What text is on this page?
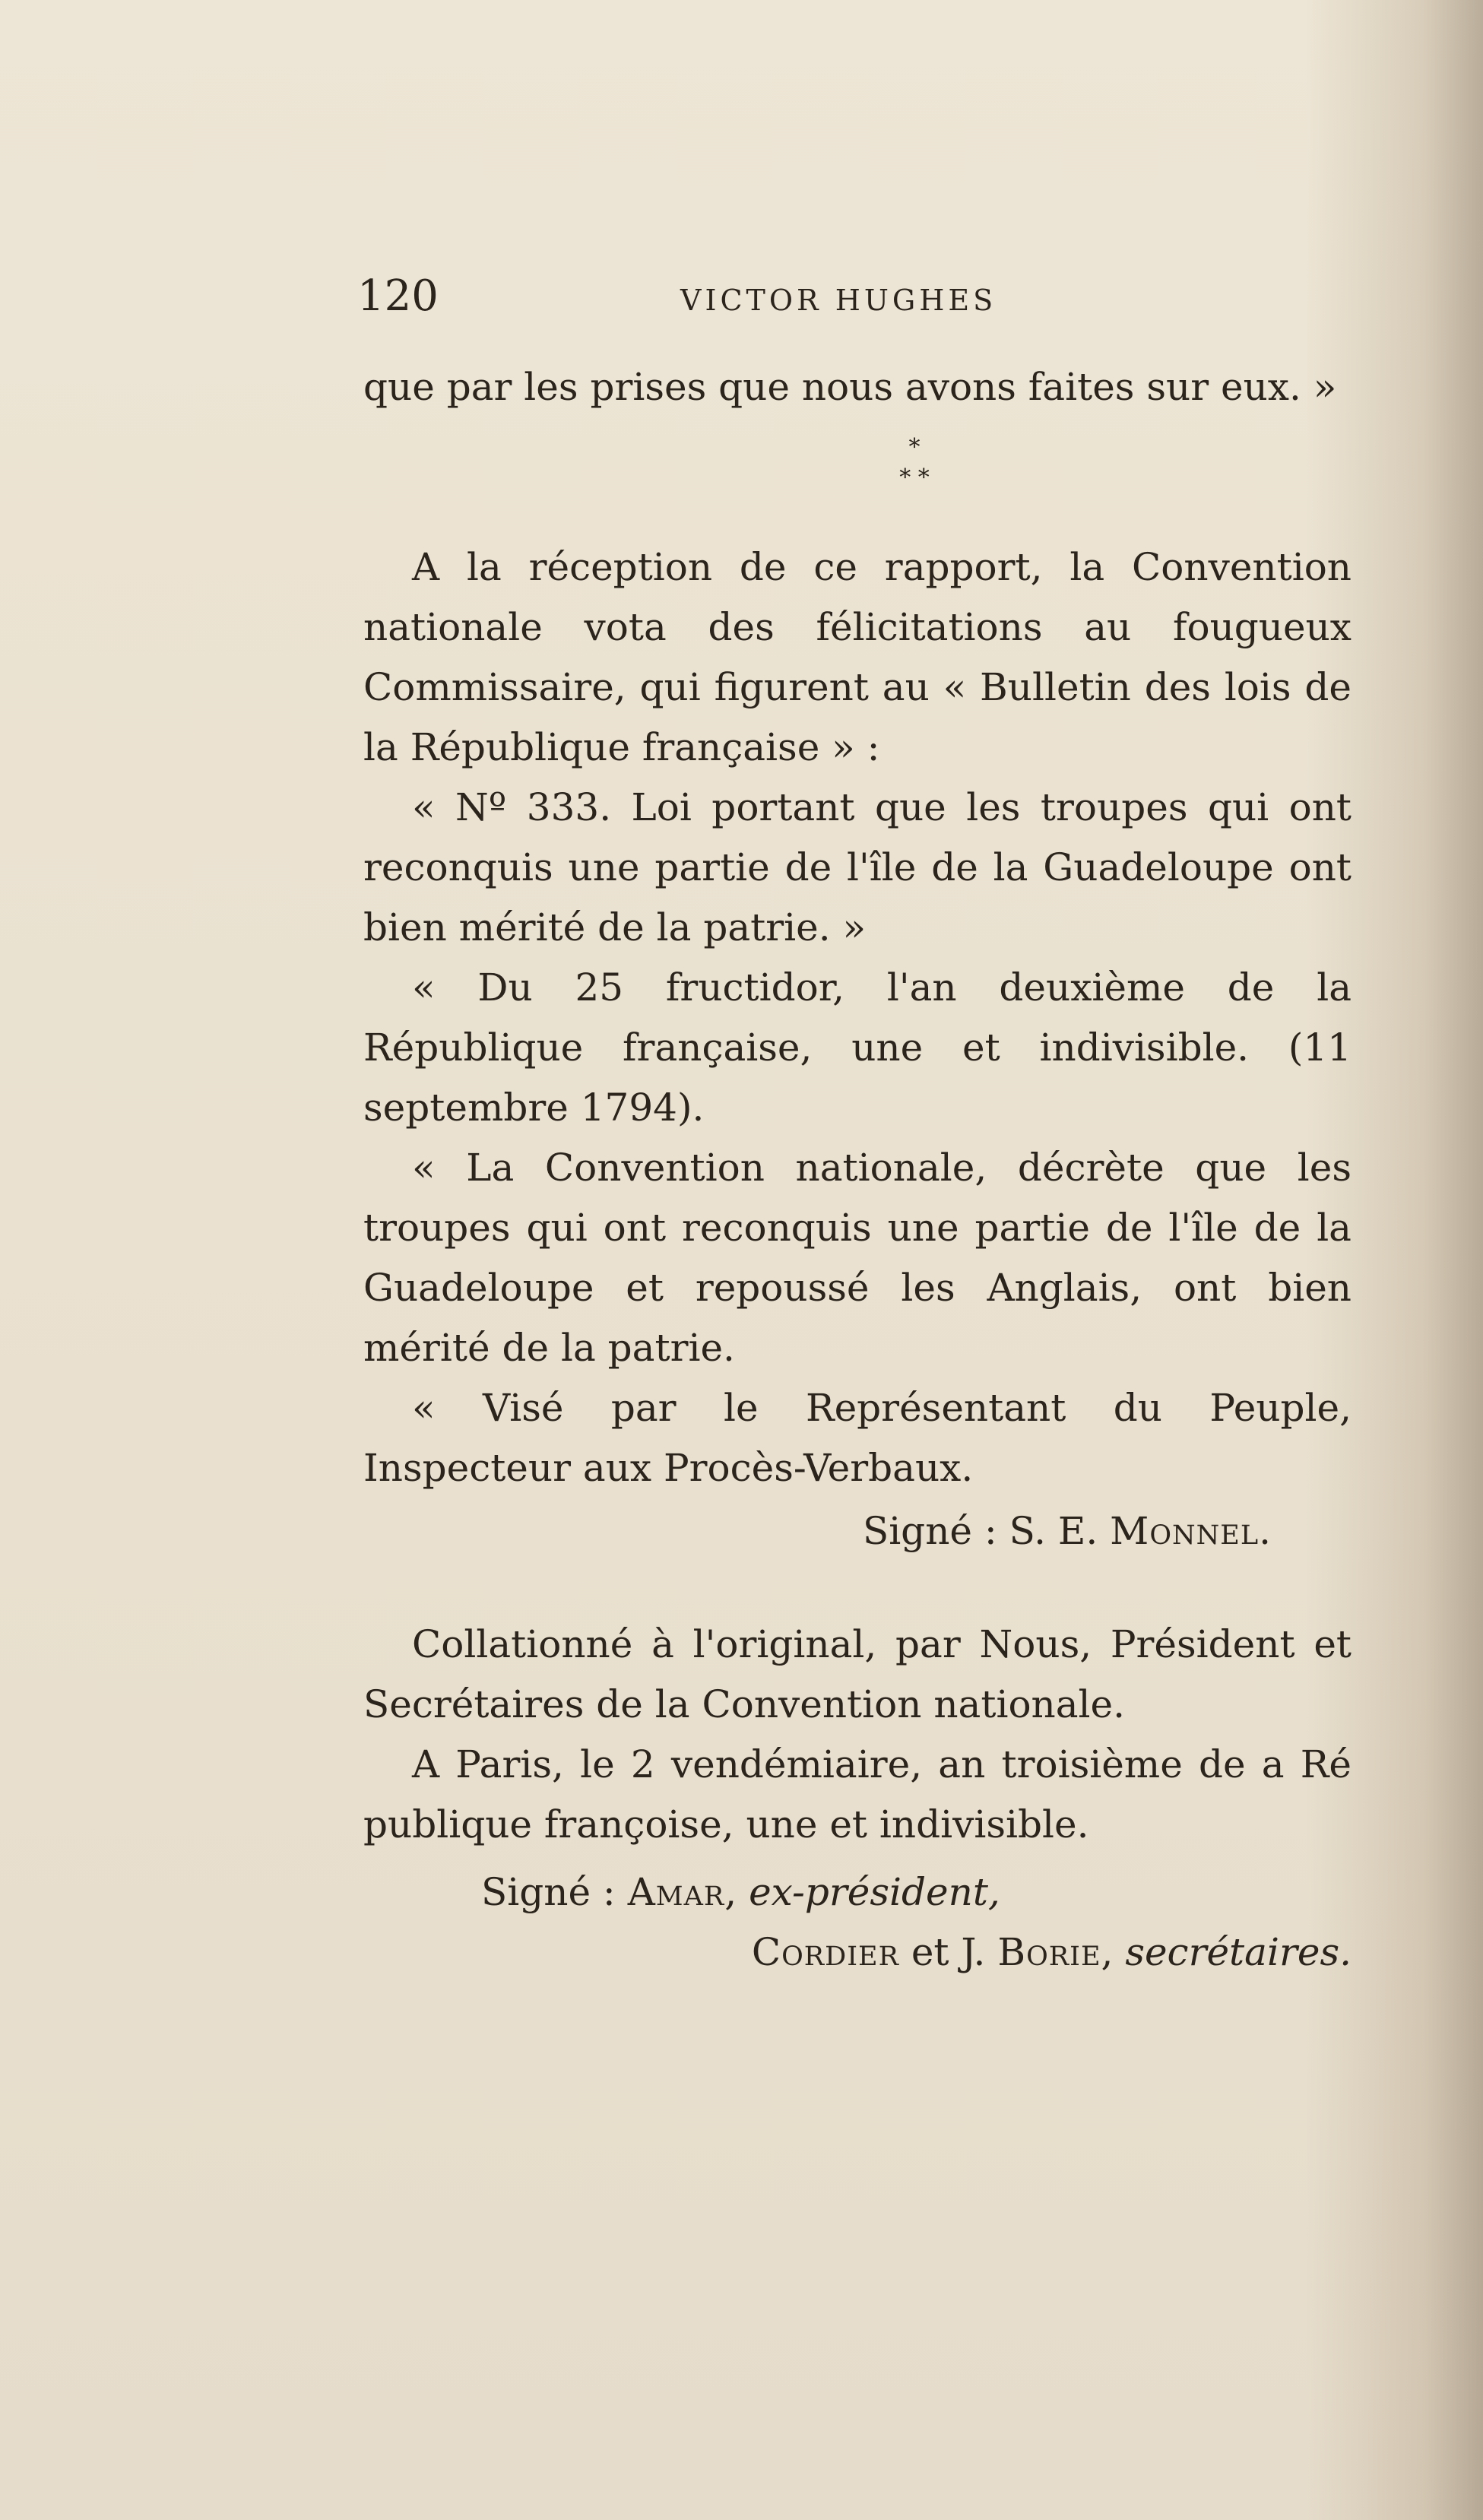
120	VICTOR HUGHES

que par les prises que nous avons faites sur eux. »

*
* *

A la réception de ce rapport, la Convention nationale vota des félicitations au fougueux Commissaire, qui figurent au « Bulletin des lois de la République française » :

« Nº 333. Loi portant que les troupes qui ont reconquis une partie de l'île de la Guadeloupe ont bien mérité de la patrie. »

« Du 25 fructidor, l'an deuxième de la République française, une et indivisible. (11 septembre 1794).

« La Convention nationale, décrète que les troupes qui ont reconquis une partie de l'île de la Guadeloupe et repoussé les Anglais, ont bien mérité de la patrie.

« Visé par le Représentant du Peuple, Inspecteur aux Procès-Verbaux.

Signé : S. E. Monnel.

Collationné à l'original, par Nous, Président et Secrétaires de la Convention nationale.

A Paris, le 2 vendémiaire, an troisième de a Ré publique françoise, une et indivisible.

Signé : Amar, ex-président,

Cordier et J. Borie, secrétaires.
